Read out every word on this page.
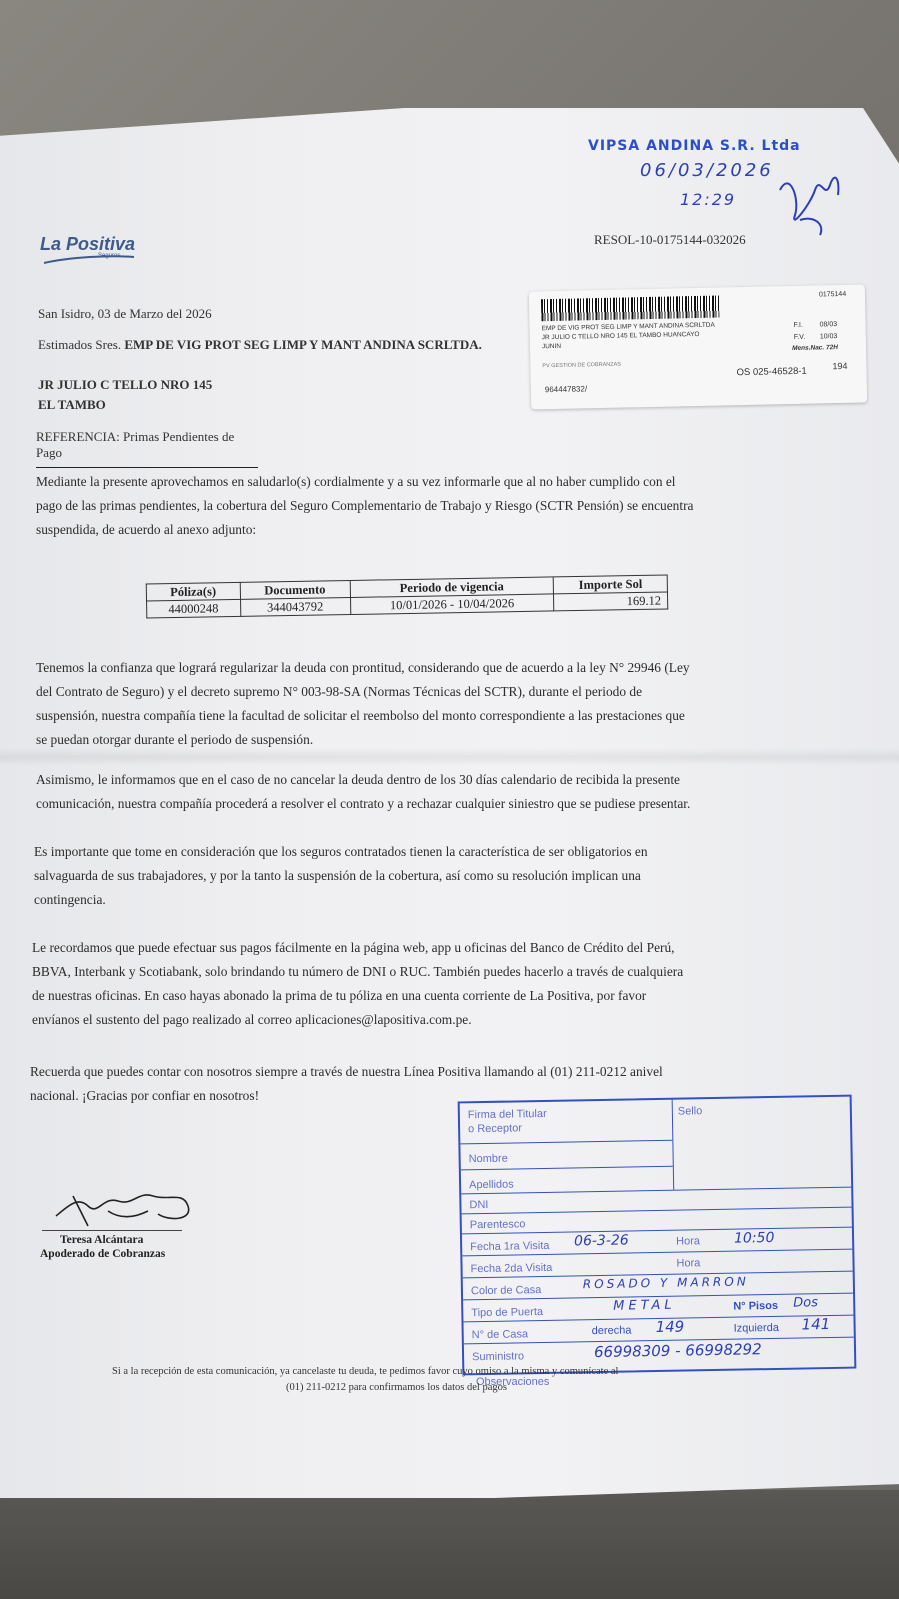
VIPSA ANDINA S.R. Ltda
06/03/2026
12:29
La Positiva
Seguros
RESOL-10-0175144-032026
0175144
EMP DE VIG PROT SEG LIMP Y MANT ANDINA SCRLTDA
JR JULIO C TELLO NRO 145 EL TAMBO HUANCAYO
JUNIN
F.I. 08/03
F.V. 10/03
Mens.Nac. 72H
PV GESTION DE COBRANZAS
964447832/
OS 025-46528-1	194
San Isidro, 03 de Marzo del 2026
Estimados Sres. EMP DE VIG PROT SEG LIMP Y MANT ANDINA SCRLTDA.
JR JULIO C TELLO NRO 145
EL TAMBO
REFERENCIA: Primas Pendientes de Pago
Mediante la presente aprovechamos en saludarlo(s) cordialmente y a su vez informarle que al no haber cumplido con el
pago de las primas pendientes, la cobertura del Seguro Complementario de Trabajo y Riesgo (SCTR Pensión) se encuentra
suspendida, de acuerdo al anexo adjunto:
Póliza(s)	Documento	Periodo de vigencia	Importe Sol
44000248	344043792	10/01/2026 - 10/04/2026	169.12
Tenemos la confianza que logrará regularizar la deuda con prontitud, considerando que de acuerdo a la ley N° 29946 (Ley
del Contrato de Seguro) y el decreto supremo N° 003-98-SA (Normas Técnicas del SCTR), durante el periodo de
suspensión, nuestra compañía tiene la facultad de solicitar el reembolso del monto correspondiente a las prestaciones que
se puedan otorgar durante el periodo de suspensión.
Asimismo, le informamos que en el caso de no cancelar la deuda dentro de los 30 días calendario de recibida la presente
comunicación, nuestra compañía procederá a resolver el contrato y a rechazar cualquier siniestro que se pudiese presentar.
Es importante que tome en consideración que los seguros contratados tienen la característica de ser obligatorios en
salvaguarda de sus trabajadores, y por la tanto la suspensión de la cobertura, así como su resolución implican una
contingencia.
Le recordamos que puede efectuar sus pagos fácilmente en la página web, app u oficinas del Banco de Crédito del Perú,
BBVA, Interbank y Scotiabank, solo brindando tu número de DNI o RUC. También puedes hacerlo a través de cualquiera
de nuestras oficinas. En caso hayas abonado la prima de tu póliza en una cuenta corriente de La Positiva, por favor
envíanos el sustento del pago realizado al correo aplicaciones@lapositiva.com.pe.
Recuerda que puedes contar con nosotros siempre a través de nuestra Línea Positiva llamando al (01) 211-0212 anivel
nacional. ¡Gracias por confiar en nosotros!
Teresa Alcántara
Apoderado de Cobranzas
Firma del Titular
o Receptor
Sello
Nombre
Apellidos
DNI
Parentesco
Fecha 1ra Visita 06-3-26	Hora 10:50
Fecha 2da Visita	Hora
Color de Casa	ROSADO Y MARRON
Tipo de Puerta	METAL	N° Pisos Dos
N° de Casa	derecha 149	Izquierda 141
Suministro	66998309 - 66998292
Observaciones
Si a la recepción de esta comunicación, ya cancelaste tu deuda, te pedimos favor cuyo omiso a la misma y comunícate al
(01) 211-0212 para confirmamos los datos del pagos
